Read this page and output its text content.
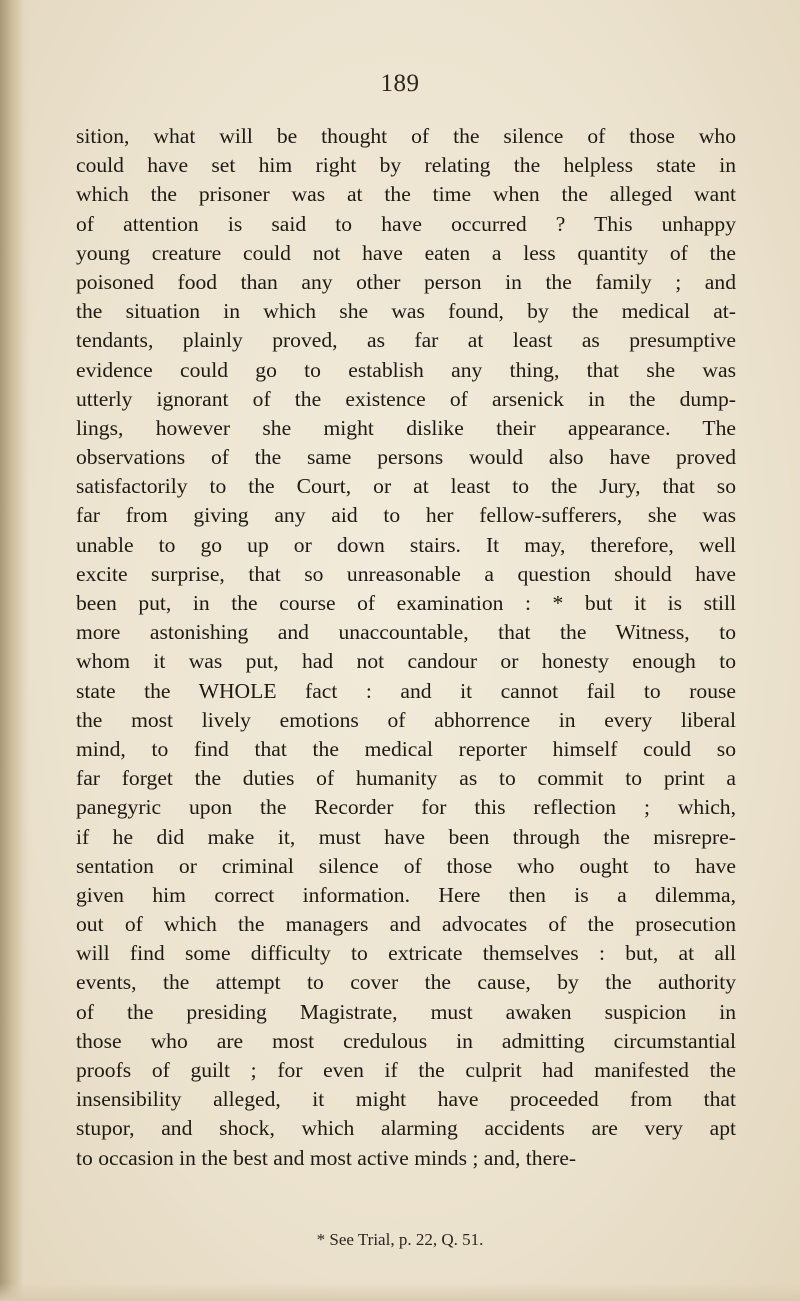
189
sition, what will be thought of the silence of those who
could have set him right by relating the helpless state in
which the prisoner was at the time when the alleged want
of attention is said to have occurred ? This unhappy
young creature could not have eaten a less quantity of the
poisoned food than any other person in the family ; and
the situation in which she was found, by the medical at-
tendants, plainly proved, as far at least as presumptive
evidence could go to establish any thing, that she was
utterly ignorant of the existence of arsenick in the dump-
lings, however she might dislike their appearance. The
observations of the same persons would also have proved
satisfactorily to the Court, or at least to the Jury, that so
far from giving any aid to her fellow-sufferers, she was
unable to go up or down stairs. It may, therefore, well
excite surprise, that so unreasonable a question should have
been put, in the course of examination : * but it is still
more astonishing and unaccountable, that the Witness, to
whom it was put, had not candour or honesty enough to
state the WHOLE fact : and it cannot fail to rouse
the most lively emotions of abhorrence in every liberal
mind, to find that the medical reporter himself could so
far forget the duties of humanity as to commit to print a
panegyric upon the Recorder for this reflection ; which,
if he did make it, must have been through the misrepre-
sentation or criminal silence of those who ought to have
given him correct information. Here then is a dilemma,
out of which the managers and advocates of the prosecution
will find some difficulty to extricate themselves : but, at all
events, the attempt to cover the cause, by the authority
of the presiding Magistrate, must awaken suspicion in
those who are most credulous in admitting circumstantial
proofs of guilt ; for even if the culprit had manifested the
insensibility alleged, it might have proceeded from that
stupor, and shock, which alarming accidents are very apt
to occasion in the best and most active minds ; and, there-
* See Trial, p. 22, Q. 51.
